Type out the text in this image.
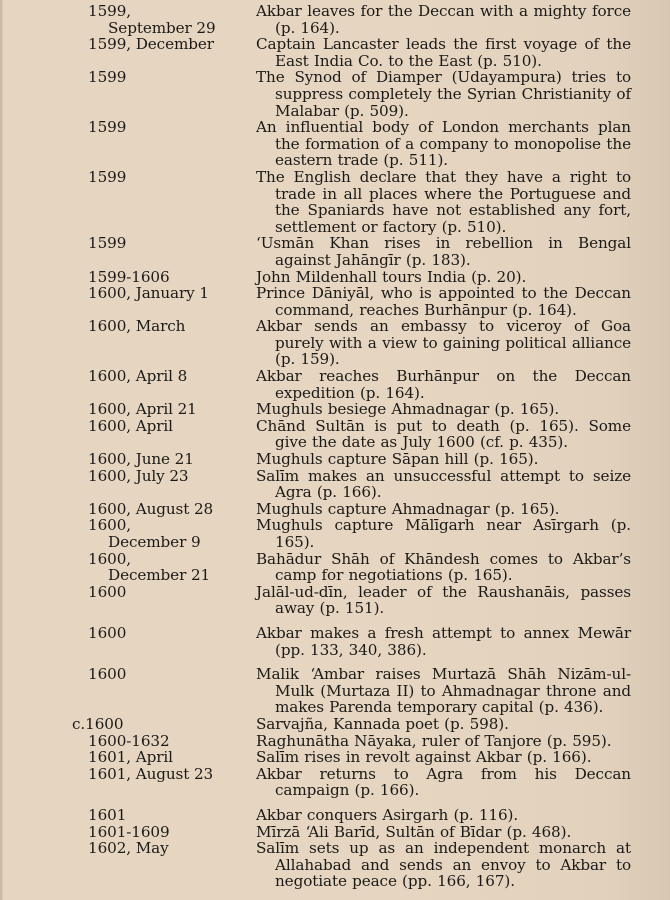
1599,
September 29
Akbar leaves for the Deccan with a mighty force (p. 164).
1599, December	Captain Lancaster leads the first voyage of the East India Co. to the East (p. 510).
1599	The Synod of Diamper (Udayampura) tries to suppress completely the Syrian Christianity of Malabar (p. 509).
1599	An influential body of London merchants plan the formation of a company to monopolise the eastern trade (p. 511).
1599	The English declare that they have a right to trade in all places where the Portuguese and the Spaniards have not established any fort, settlement or factory (p. 510).
1599	‘Usmān Khan rises in rebellion in Bengal against Jahāngīr (p. 183).
1599-1606	John Mildenhall tours India (p. 20).
1600, January 1	Prince Dāniyāl, who is appointed to the Deccan command, reaches Burhānpur (p. 164).
1600, March	Akbar sends an embassy to viceroy of Goa purely with a view to gaining political alliance (p. 159).
1600, April 8	Akbar reaches Burhānpur on the Deccan expedition (p. 164).
1600, April 21	Mughuls besiege Ahmadnagar (p. 165).
1600, April	Chānd Sultān is put to death (p. 165). Some give the date as July 1600 (cf. p. 435).
1600, June 21	Mughuls capture Sāpan hill (p. 165).
1600, July 23	Salīm makes an unsuccessful attempt to seize Agra (p. 166).
1600, August 28	Mughuls capture Ahmadnagar (p. 165).
1600,
December 9
Mughuls capture Mālīgarh near Asīrgarh (p. 165).
1600,
December 21
Bahādur Shāh of Khāndesh comes to Akbar’s camp for negotiations (p. 165).
1600	Jalāl-ud-dīn, leader of the Raushanāis, passes away (p. 151).
1600	Akbar makes a fresh attempt to annex Mewār (pp. 133, 340, 386).
1600	Malik ‘Ambar raises Murtazā Shāh Nizām-ul-Mulk (Murtaza II) to Ahmadnagar throne and makes Parenda temporary capital (p. 436).
c.1600	Sarvajña, Kannada poet (p. 598).
1600-1632	Raghunātha Nāyaka, ruler of Tanjore (p. 595).
1601, April	Salīm rises in revolt against Akbar (p. 166).
1601, August 23	Akbar returns to Agra from his Deccan campaign (p. 166).
1601	Akbar conquers Asirgarh (p. 116).
1601-1609	Mīrzā ‘Ali Barīd, Sultān of Bīdar (p. 468).
1602, May	Salīm sets up as an independent monarch at Allahabad and sends an envoy to Akbar to negotiate peace (pp. 166, 167).
